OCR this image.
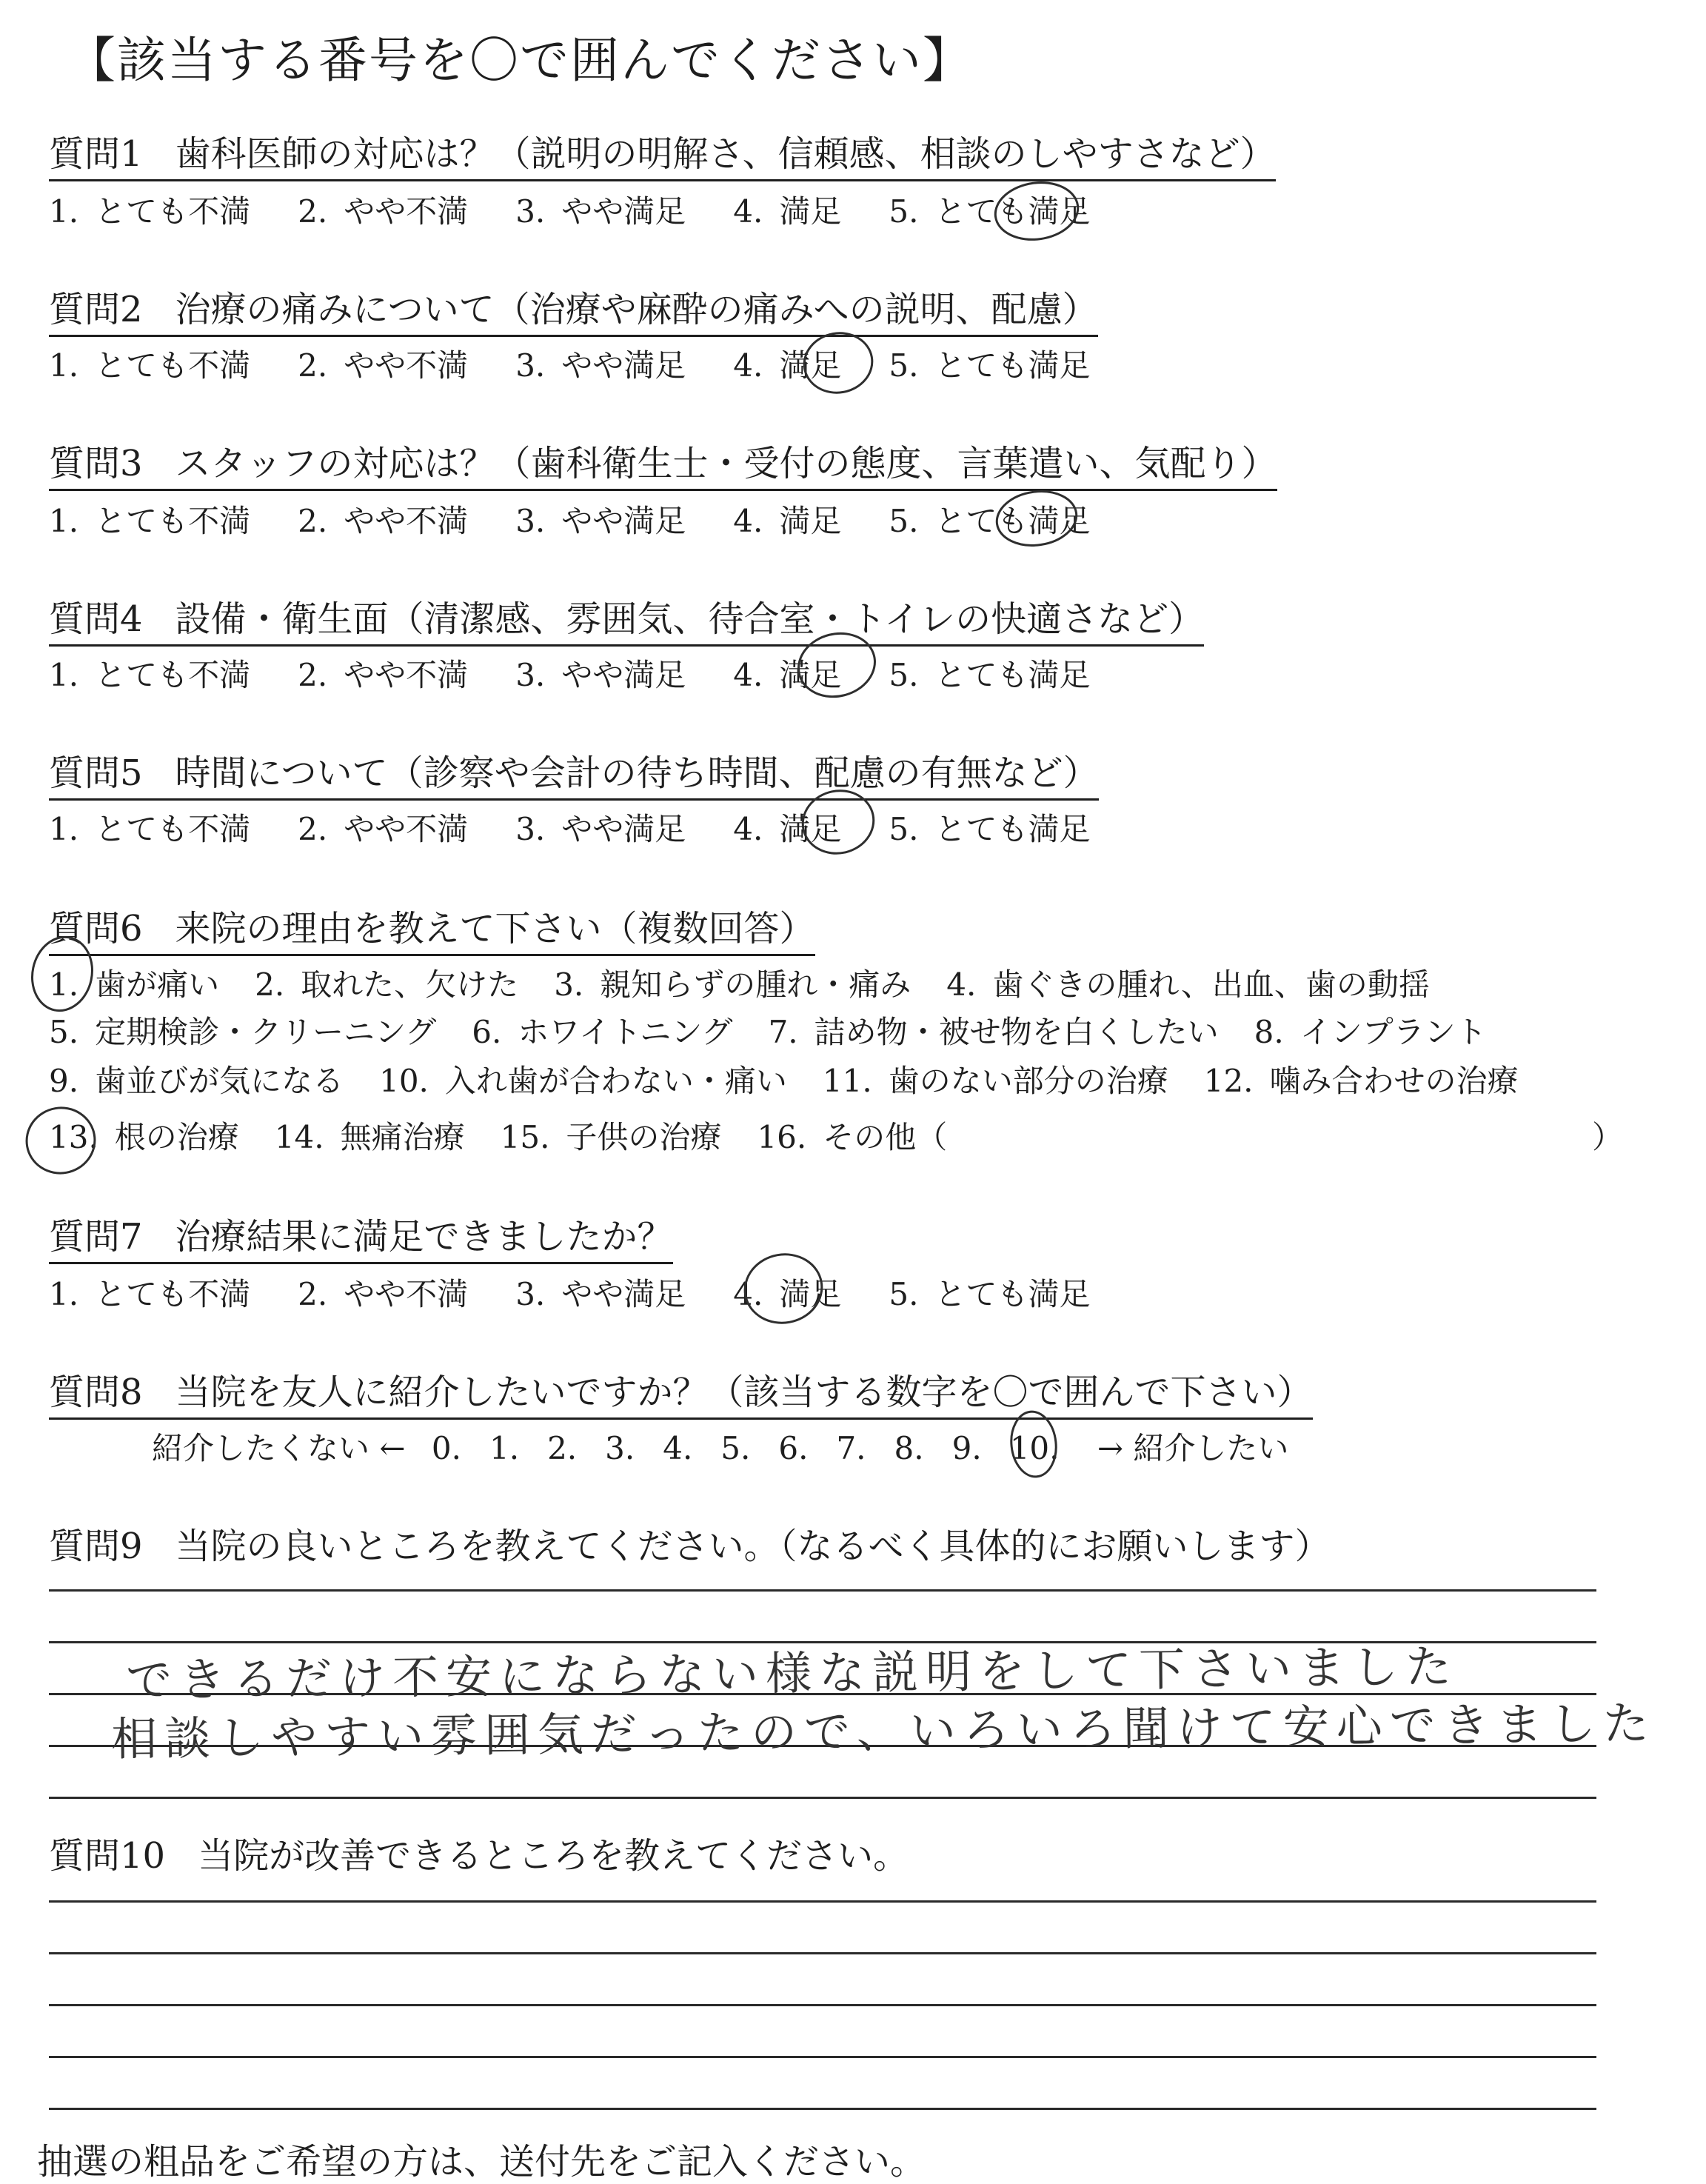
【該当する番号を〇で囲んでください】
質問1 歯科医師の対応は？（説明の明解さ、信頼感、相談のしやすさなど）
1. とても不満 2. やや不満 3. やや満足 4. 満足 5. とても満足
質問2 治療の痛みについて（治療や麻酔の痛みへの説明、配慮）
1. とても不満 2. やや不満 3. やや満足 4. 満足 5. とても満足
質問3 スタッフの対応は？（歯科衛生士・受付の態度、言葉遣い、気配り）
1. とても不満 2. やや不満 3. やや満足 4. 満足 5. とても満足
質問4 設備・衛生面（清潔感、雰囲気、待合室・トイレの快適さなど）
1. とても不満 2. やや不満 3. やや満足 4. 満足 5. とても満足
質問5 時間について（診察や会計の待ち時間、配慮の有無など）
1. とても不満 2. やや不満 3. やや満足 4. 満足 5. とても満足
質問6 来院の理由を教えて下さい（複数回答）
1. 歯が痛い 2. 取れた、欠けた 3. 親知らずの腫れ・痛み 4. 歯ぐきの腫れ、出血、歯の動揺
5. 定期検診・クリーニング 6. ホワイトニング 7. 詰め物・被せ物を白くしたい 8. インプラント
9. 歯並びが気になる 10. 入れ歯が合わない・痛い 11. 歯のない部分の治療 12. 噛み合わせの治療
13. 根の治療 14. 無痛治療 15. 子供の治療 16. その他（	）
質問7 治療結果に満足できましたか？
1. とても不満 2. やや不満 3. やや満足 4. 満足 5. とても満足
質問8 当院を友人に紹介したいですか？（該当する数字を〇で囲んで下さい）
紹介したくない ← 0. 1. 2. 3. 4. 5. 6. 7. 8. 9. 10. → 紹介したい
質問9 当院の良いところを教えてください。（なるべく具体的にお願いします）
できるだけ不安にならない様な説明をして下さいました
相談しやすい雰囲気だったので、いろいろ聞けて安心できました
質問10 当院が改善できるところを教えてください。
抽選の粗品をご希望の方は、送付先をご記入ください。
